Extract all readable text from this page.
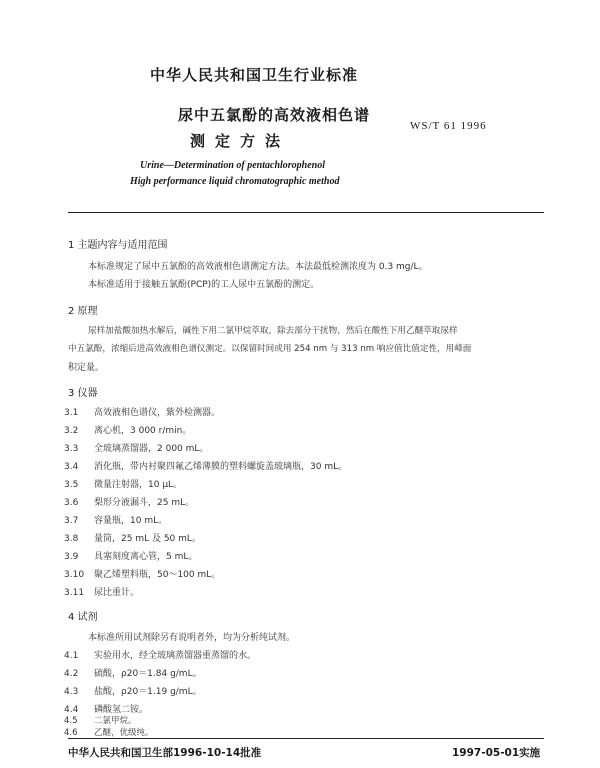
中华人民共和国卫生行业标准
尿中五氯酚的高效液相色谱
测定方法
WS/T 61 1996
Urine—Determination of pentachlorophenol
High performance liquid chromatographic method
1 主题内容与适用范围
本标准规定了尿中五氯酚的高效液相色谱测定方法。本法最低检测浓度为 0.3 mg/L。
本标准适用于接触五氯酚(PCP)的工人尿中五氯酚的测定。
2 原理
尿样加盐酸加热水解后，碱性下用二氯甲烷萃取，除去部分干扰物，然后在酸性下用乙醚萃取尿样
中五氯酚，浓缩后进高效液相色谱仪测定。以保留时间或用 254 nm 与 313 nm 响应值比值定性，用峰面
积定量。
3 仪器
3.1 高效液相色谱仪，紫外检测器。
3.2 离心机，3 000 r/min。
3.3 全玻璃蒸馏器，2 000 mL。
3.4 消化瓶，带内衬聚四氟乙烯薄膜的塑料螺旋盖玻璃瓶，30 mL。
3.5 微量注射器，10 μL。
3.6 梨形分液漏斗，25 mL。
3.7 容量瓶，10 mL。
3.8 量筒，25 mL 及 50 mL。
3.9 具塞刻度离心管，5 mL。
3.10 聚乙烯塑料瓶，50～100 mL。
3.11 尿比重计。
4 试剂
本标准所用试剂除另有说明者外，均为分析纯试剂。
4.1 实验用水，经全玻璃蒸馏器重蒸馏的水。
4.2 硫酸，ρ20＝1.84 g/mL。
4.3 盐酸，ρ20＝1.19 g/mL。
4.4 磷酸氢二铵。
中华人民共和国卫生部1996-10-14批准	1997-05-01实施
4.5 二氯甲烷。
4.6 乙醚，优级纯。
